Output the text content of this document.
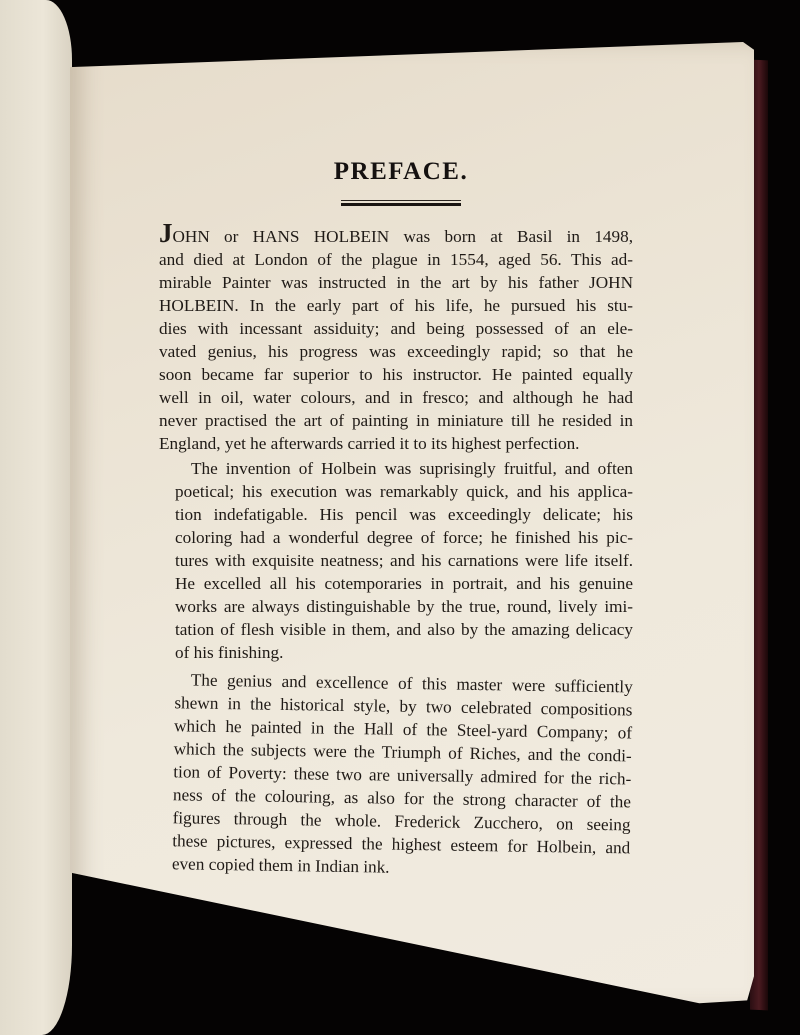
PREFACE.

JOHN or HANS HOLBEIN was born at Basil in 1498,
and died at London of the plague in 1554, aged 56. This ad-
mirable Painter was instructed in the art by his father JOHN
HOLBEIN. In the early part of his life, he pursued his stu-
dies with incessant assiduity; and being possessed of an ele-
vated genius, his progress was exceedingly rapid; so that he
soon became far superior to his instructor. He painted equally
well in oil, water colours, and in fresco; and although he had
never practised the art of painting in miniature till he resided in
England, yet he afterwards carried it to its highest perfection.

The invention of Holbein was suprisingly fruitful, and often
poetical; his execution was remarkably quick, and his applica-
tion indefatigable. His pencil was exceedingly delicate; his
coloring had a wonderful degree of force; he finished his pic-
tures with exquisite neatness; and his carnations were life itself.
He excelled all his cotemporaries in portrait, and his genuine
works are always distinguishable by the true, round, lively imi-
tation of flesh visible in them, and also by the amazing delicacy
of his finishing.

The genius and excellence of this master were sufficiently
shewn in the historical style, by two celebrated compositions
which he painted in the Hall of the Steel-yard Company; of
which the subjects were the Triumph of Riches, and the condi-
tion of Poverty: these two are universally admired for the rich-
ness of the colouring, as also for the strong character of the
figures through the whole. Frederick Zucchero, on seeing
these pictures, expressed the highest esteem for Holbein, and
even copied them in Indian ink.
